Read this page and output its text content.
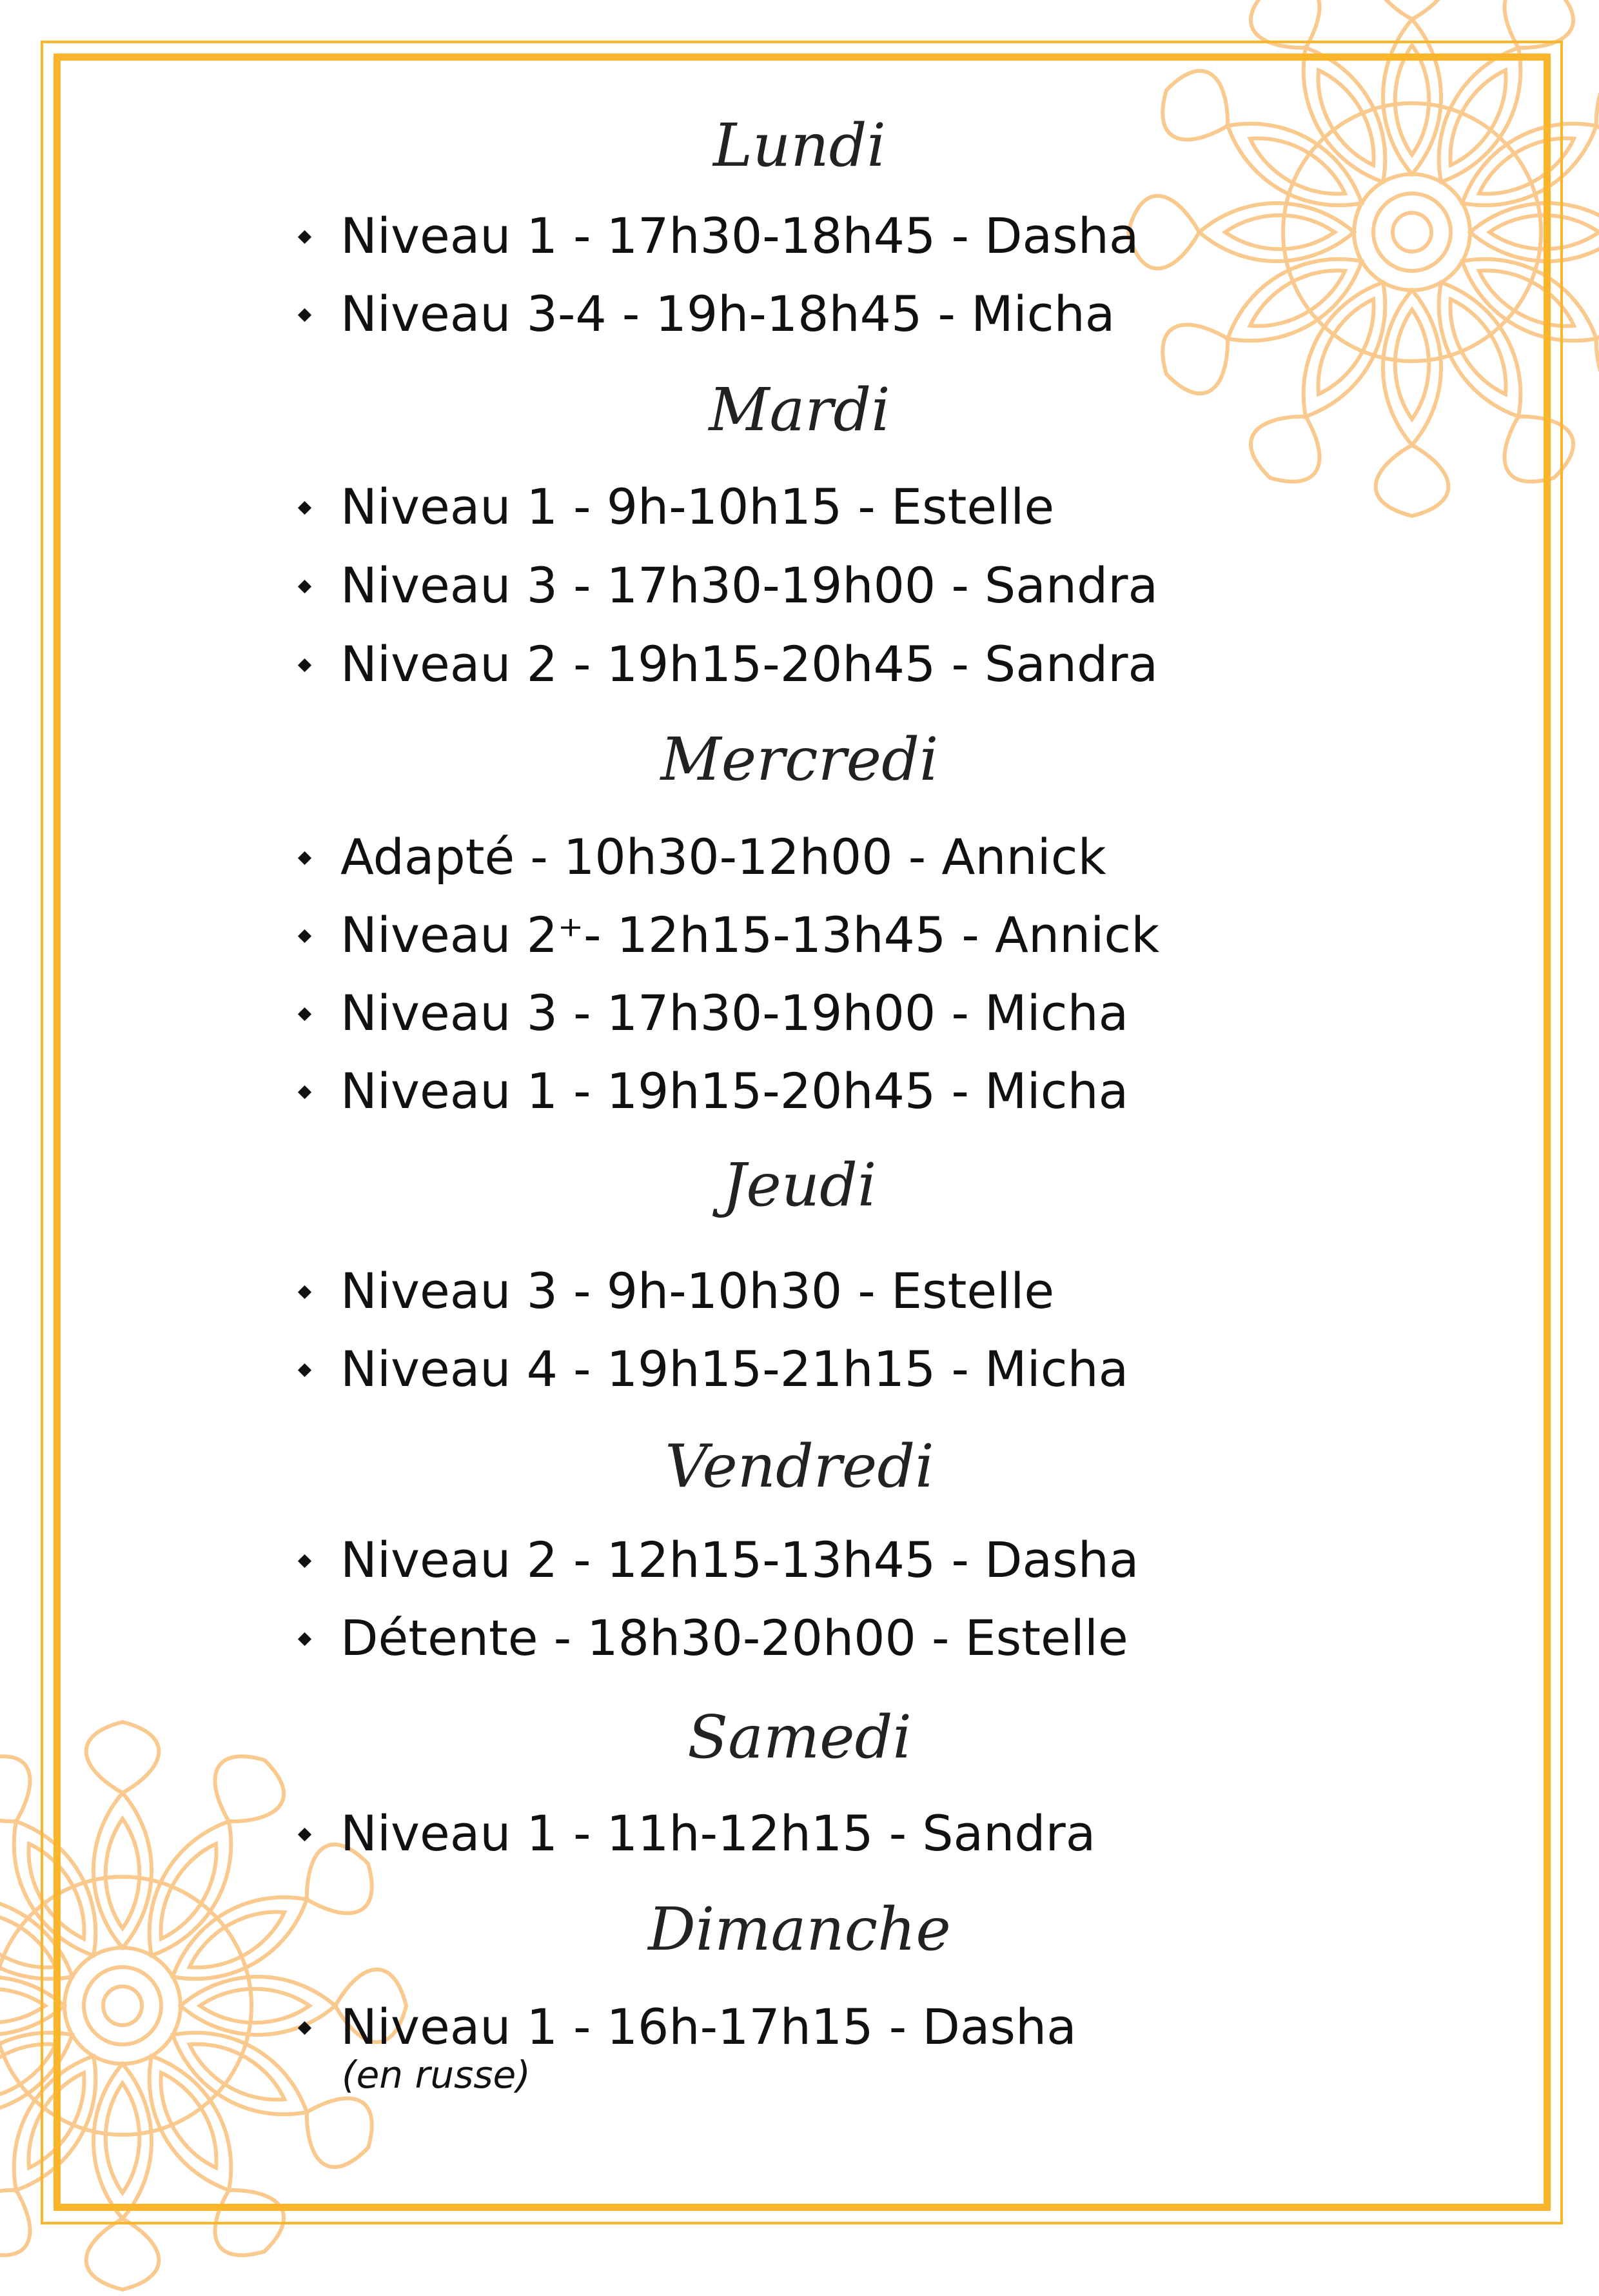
Lundi
Niveau 1 - 17h30-18h45 - Dasha
Niveau 3-4 - 19h-18h45 - Micha
Mardi
Niveau 1 - 9h-10h15 - Estelle
Niveau 3 - 17h30-19h00 - Sandra
Niveau 2 - 19h15-20h45 - Sandra
Mercredi
Adapté - 10h30-12h00 - Annick
Niveau 2⁺- 12h15-13h45 - Annick
Niveau 3 - 17h30-19h00 - Micha
Niveau 1 - 19h15-20h45 - Micha
Jeudi
Niveau 3 - 9h-10h30 - Estelle
Niveau 4 - 19h15-21h15 - Micha
Vendredi
Niveau 2 - 12h15-13h45 - Dasha
Détente - 18h30-20h00 - Estelle
Samedi
Niveau 1 - 11h-12h15 - Sandra
Dimanche
Niveau 1 - 16h-17h15 - Dasha
(en russe)
